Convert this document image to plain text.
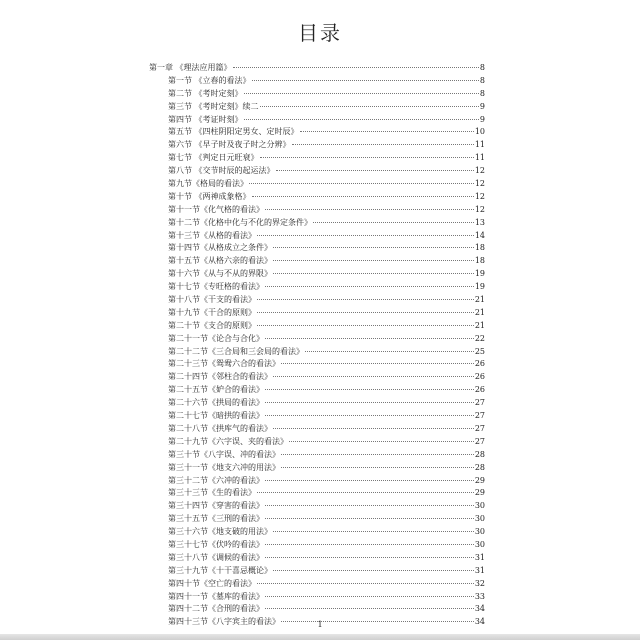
目录
第一章 《理法应用篇》	8
第一节 《立春的看法》	8
第二节 《考时定刻》	8
第三节 《考时定刻》续二	9
第四节 《考证时刻》	9
第五节 《四柱阴阳定男女、定时辰》	10
第六节 《早子时及夜子时之分辨》	11
第七节 《判定日元旺衰》	11
第八节 《交节时辰的起运法》	12
第九节《格局的看法》	12
第十节 《两神成象格》	12
第十一节《化气格的看法》	12
第十二节《化格中化与不化的界定条件》	13
第十三节《从格的看法》	14
第十四节《从格成立之条件》	18
第十五节《从格六亲的看法》	18
第十六节《从与不从的界限》	19
第十七节《专旺格的看法》	19
第十八节《干支的看法》	21
第十九节《干合的原则》	21
第二十节《支合的原则》	21
第二十一节《论合与合化》	22
第二十二节《三合局和三会局的看法》	25
第二十三节《鸳鸯六合的看法》	26
第二十四节《邻柱合的看法》	26
第二十五节《妒合的看法》	26
第二十六节《拱局的看法》	27
第二十七节《暗拱的看法》	27
第二十八节《拱库气的看法》	27
第二十九节《六字误、夹的看法》	27
第三十节《八字误、冲的看法》	28
第三十一节《地支六冲的用法》	28
第三十二节《六冲的看法》	29
第三十三节《生的看法》	29
第三十四节《穿害的看法》	30
第三十五节《三刑的看法》	30
第三十六节《地支破的用法》	30
第三十七节《伏吟的看法》	30
第三十八节《调候的看法》	31
第三十九节《十干喜忌概论》	31
第四十节《空亡的看法》	32
第四十一节《墓库的看法》	33
第四十二节《合刑的看法》	34
第四十三节《八字宾主的看法》	34
1
